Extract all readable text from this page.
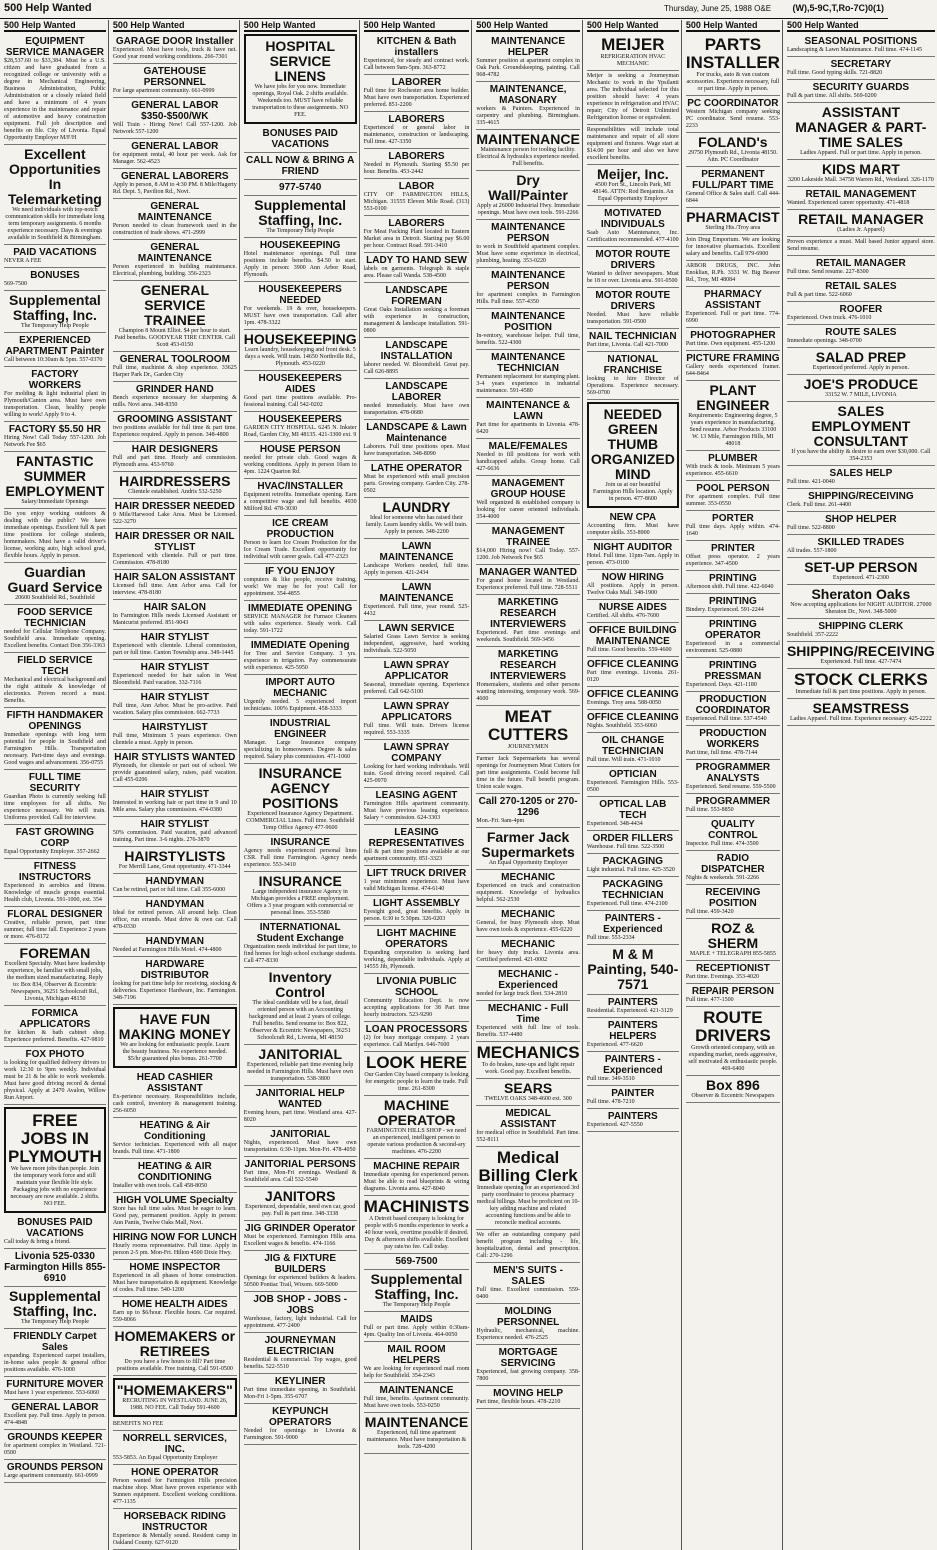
500 Help Wanted	Thursday, June 25, 1988 O&E (W),5-9C,T,Ro-7C)0(1)
500 Help Wanted
EQUIPMENT SERVICE MANAGER
$28,537.60 to $33,384. Must be a U.S. citizen and have graduated from a recognized college or university with a degree in Mechanical Engineering, Business Administration, Public Administration or a closely related field and have a minimum of 4 years experience in the maintenance and repair of automotive and heavy construction equipment. Full job description and benefits on file. City of Livonia. Equal Opportunity Employer M/F/H
Excellent Opportunities In Telemarketing
We need individuals with top-notch communication skills for immediate long term temporary assignments. 6 months experience necessary. Days & evenings available in Southfield & Birmingham.
PAID VACATIONS
NEVER A FEE
BONUSES
569-7500
Supplemental Staffing, Inc.
The Temporary Help People
EXPERIENCED APARTMENT Painter
Call between 10:30am & 5pm. 557-0370
FACTORY WORKERS
For molding & light industrial plant in Plymouth/Canton area. Must have own transportation. Clean, healthy people willing to work! Apply 9 to 4.
FACTORY $5.50 HR
Hiring Now! Call Today 557-1200. Job Network Fee $65
FANTASTIC SUMMER EMPLOYMENT
Salary/Immediate Openings
Do you enjoy working outdoors & dealing with the public? We have immediate openings. Excellent full & part time positions for college students, homemakers. Must have a valid driver's license, working auto, high school grad, flexible hours. Apply in person.
Guardian Guard Service
20600 Southfield Rd., Southfield
FOOD SERVICE TECHNICIAN
needed for Cellular Telephone Company. Southfield area. Immediate opening. Excellent benefits. Contact Don 356-3363
FIELD SERVICE TECH
Mechanical and electrical background and the right attitude & knowledge of electronics. Proven record a must. Benefits.
FIFTH HANDMAKER OPENINGS
Immediate openings with long term potential for people in Southfield and Farmington Hills. Transportation necessary. Part-time days and evenings. Good wages and advancement. 356-0755
FULL TIME SECURITY
Guardian Photo is currently seeking full time employees for all shifts. No experience necessary. We will train. Uniforms provided. Call for interview.
FAST GROWING CORP
Equal Opportunity Employer. 357-2662
FITNESS INSTRUCTORS
Experienced in aerobics and fitness. Knowledge of muscle groups essential. Health club, Livonia. 591-1000, ext. 354
FLORAL DESIGNER
Creative, reliable person, part time summer, full time fall. Experience 2 years or more. 476-8172
FOREMAN
Excellent Specialty. Must have leadership experience, be familiar with small jobs, the medium sized manufacturing. Reply to: Box 834, Observer & Eccentric Newspapers, 36251 Schoolcraft Rd., Livonia, Michigan 48150
FORMICA APPLICATORS
for kitchen & bath cabinet shop. Experience preferred. Benefits. 427-9810
FOX PHOTO
is looking for qualified delivery drivers to work 12:30 to 9pm weekly. Individual must be 21 & be able to work weekends. Must have good driving record & dental physical. Apply at 2470 Avalon, Willow Run Airport.
FREE JOBS IN PLYMOUTH
We have more jobs than people. Join the temporary work force and still maintain your flexible life style. Packaging jobs with no experience necessary are now available. 2 shifts. NO FEE.
BONUSES PAID VACATIONS
Call today & bring a friend.
Livonia 525-0330 Farmington Hills 855-6910
Supplemental Staffing, Inc.
The Temporary Help People
FRIENDLY Carpet Sales
expanding. Experienced carpet installers, in-home sales people & general office positions available. 476-1000
FURNITURE MOVER
Must have 1 year experience. 553-6060
GENERAL LABOR
Excellent pay. Full time. Apply in person. 474-4848
GROUNDS KEEPER
for apartment complex in Westland. 721-0500
GROUNDS PERSON
Large apartment community. 661-0999
500 Help Wanted
GARAGE DOOR Installer
Experienced. Must have tools, truck & have net. Good year round working conditions. 266-7301
GATEHOUSE PERSONNEL
For large apartment community. 661-0999
GENERAL LABOR $350-$500/WK
Will Train - Hiring Now! Call 557-1200. Job Network 557-1200
GENERAL LABOR
for equipment rental, 40 hour per week. Ask for Manager. 562-4523
GENERAL LABORERS
Apply in person, 8 AM to 4:30 PM. 8 Mile/Hagerty Rd. Dept. 5, Pavilion Rd., Novi.
GENERAL MAINTENANCE
Person needed to clean framework used in the construction of trade shows. 471-2999
GENERAL MAINTENANCE
Person experienced in building maintenance. Electrical, plumbing, building. 356-2323
GENERAL SERVICE TRAINEE
Champion 8 Mount Elliot. $4 per hour to start. Paid benefits. GOODYEAR TIRE CENTER. Call Scott 453-0150
GENERAL TOOLROOM
Full time, machinist & shop experience. 33625 Harper Park Dr., Garden City
GRINDER HAND
Bench experience necessary for sharpening & mills. Novi area. 348-8350
GROOMING ASSISTANT
two positions available for full time & part time. Experience required. Apply in person. 348-4800
HAIR DESIGNERS
Full and part time. Hourly and commission. Plymouth area. 453-9760
HAIRDRESSERS
Clientele established. Andris 532-5250
HAIR DRESSER NEEDED
9 Mile/Harwood Lake Area. Must be Licensed. 522-3270
HAIR DRESSER OR NAIL STYLIST
Experienced with clientele. Full or part time. Commission. 478-8180
HAIR SALON ASSISTANT
Licensed full time. Ann Arbor area. Call for interview. 478-8180
HAIR SALON
In Farmington Hills needs Licensed Assistant or Manicurist preferred. 851-9043
HAIR STYLIST
Experienced with clientele. Liberal commission, part or full time. Canton Township area. 349-1445
HAIR STYLIST
Experienced needed for hair salon in West Bloomfield. Paid vacation. 332-7116
HAIR STYLIST
Full time, Ann Arbor. Must be pro-active. Paid vacation. Salary plus commission. 662-7733
HAIRSTYLIST
Full time, Minimum 5 years experience. Own clientele a must. Apply in person.
HAIR STYLISTS WANTED
Plymouth, for clientele or part out of school. We provide guaranteed salary, raises, paid vacation. Call 455-0206
HAIR STYLIST
Interested in working hair or part time in 9 and 10 Mile area. Salary plus commission. 474-0380
HAIR STYLIST
50% commission. Paid vacation, paid advanced training. Part time. 3-6 nights. 276-3870
HAIRSTYLISTS
For Merrill Lane, Great opportunity. 471-3344
HANDYMAN
Can be retired, part or full time. Call 355-6000
HANDYMAN
Ideal for retired person. All around help. Clean office, run errands. Must drive & own car. Call 478-0330
HANDYMAN
Needed at Farmington Hills Motel. 474-4800
HARDWARE DISTRIBUTOR
looking for part time help for receiving, stocking & deliveries. Experience Hardware, Inc. Farmington. 348-7196
HAVE FUN MAKING MONEY
We are looking for enthusiastic people. Learn the beauty business. No experience needed. $5/hr guaranteed plus bonus. 261-7700
HEAD CASHIER ASSISTANT
Ex-perience necessary. Responsibilities include, cash control, inventory & management training. 256-6050
HEATING & Air Conditioning
Service technician. Experienced with all major brands. Full time. 471-1800
HEATING & AIR CONDITIONING
Installer with own tools. Call 458-8050
HIGH VOLUME Specialty
Store has full time sales. Must be eager to learn. Good pay, permanent position. Apply in person: Ann Pantis, Twelve Oaks Mall, Novi.
HIRING NOW FOR LUNCH
Hourly rooms representative. Full time. Apply in person 2-5 pm. Mon-Fri. Hilton 4500 Dixie Hwy.
HOME INSPECTOR
Experienced in all phases of home construction. Must have transportation & equipment. Knowledge of codes. Full time. 540-1200
HOME HEALTH AIDES
Earn up to $6/hour. Flexible hours. Car required. 559-8066
HOMEMAKERS or RETIREES
Do you have a few hours to fill? Part time positions available. Free training. Call 591-0500
"HOMEMAKERS"
RECRUITING IN WESTLAND. JUNE 26, 1988. NO FEE. Call Today 591-4600
BENEFITS NO FEE
NORRELL SERVICES, INC.
553-5853. An Equal Opportunity Employer
HONE OPERATOR
Person wanted for Farmington Hills precision machine shop. Must have proven experience with Sunnen equipment. Excellent working conditions. 477-1135
HORSEBACK RIDING INSTRUCTOR
Experience & Mentally sound. Resident camp in Oakland County. 627-9120
500 Help Wanted
HOSPITAL SERVICE LINENS
We have jobs for you now. Immediate openings, Royal Oak. 2 shifts available. Weekends too. MUST have reliable transportation to these assignments. NO FEE.
BONUSES PAID VACATIONS
CALL NOW & BRING A FRIEND
977-5740
Supplemental Staffing, Inc.
The Temporary Help People
HOUSEKEEPING
Hotel maintenance openings. Full time positions include benefits. $4.50 to start. Apply in person: 3900 Ann Arbor Road, Plymouth.
HOUSEKEEPERS NEEDED
For weekends. 19 & over, housekeepers. MUST have own transportation. Call after 1pm. 478-3322
HOUSEKEEPING
Learn laundry, housekeeping and front desk. 5 days a week. Will train. 14650 Northville Rd., Plymouth. 453-0220
HOUSEKEEPERS AIDES
Good part time positions available. Pro-fessional training. Call 542-0202
HOUSEKEEPERS
GARDEN CITY HOSPITAL. 6245 N. Inkster Road, Garden City, MI 48135. 421-3300 ext. 9
HOUSE PERSON
needed for private club. Good wages & working conditions. Apply in person 10am to 4pm. 1224 Quarton Rd.
HVAC/INSTALLER
Equipment retrofits. Immediate opening. Earn a competitive wage and full benefits. 4930 Milford Rd. 478-3030
ICE CREAM PRODUCTION
Person to learn Ice Cream Production for the Ice Cream Trade. Excellent opportunity for individual with career goals. Call 477-2323
IF YOU ENJOY
computers & like people, receive training, work! We may be for you! Call for appointment. 354-4855
IMMEDIATE OPENING
SERVICE MANAGER for Furnace Cleaners with sales experience. Steady work. Call today. 591-1722
IMMEDIATE Opening
for Tree and Service Company. 3 yrs. experience in irrigation. Pay commensurate with experience. 425-5950
IMPORT AUTO MECHANIC
Urgently needed. 5 experienced import technicians. 100% Equipment. 458-3333
INDUSTRIAL ENGINEER
Manager. Large Insurance company specializing in homeowners. Degree & sales required. Salary plus commission. 471-1060
INSURANCE AGENCY POSITIONS
Experienced Insurance Agency Department. COMMERCIAL Lines. Full time. Southfield Temp Office Agency 477-9600
INSURANCE
Agency needs experienced personal lines CSR. Full time Farmington. Agency needs experience. 553-3410
INSURANCE
Large independent insurance Agency in Michigan provides a FREE employment. Offers a 3 year program with commercial or personal lines. 353-5580
INTERNATIONAL Student Exchange
Organization needs individual for part time, to find homes for high school exchange students. Call 477-8330
Inventory Control
The ideal candidate will be a fast, detail oriented person with an Accounting background and at least 2 years of college. Full benefits. Send resume to: Box 822, Observer & Eccentric Newspapers, 36251 Schoolcraft Rd., Livonia, MI 48150
JANITORIAL
Experienced, reliable part time evening help needed in Farmington Hills. Must have own transportation. 538-3800
JANITORIAL HELP WANTED
Evening hours, part time. Westland area. 427-8020
JANITORIAL
Nights, experienced. Must have own transportation. 6:30-11pm. Mon-Fri. 478-4050
JANITORIAL PERSONS
Part time, Mon-Fri evenings. Westland & Southfield area. Call 532-5540
JANITORS
Experienced, dependable, need own car, good pay. Full & part time. 348-3338
JIG GRINDER Operator
Must be experienced. Farmington Hills area. Excellent wages & benefits. 474-1166
JIG & FIXTURE BUILDERS
Openings for experienced builders & leaders. 50500 Pontiac Trail, Wixom. 669-5000
JOB SHOP - JOBS - JOBS
Warehouse, factory, light industrial. Call for appointment. 477-2400
JOURNEYMAN ELECTRICIAN
Residential & commercial. Top wages, good benefits. 522-5510
KEYLINER
Part time immediate opening, in Southfield. Mon-Fri 1-5pm. 355-6707
KEYPUNCH OPERATORS
Needed for openings in Livonia & Farmington. 591-9000
500 Help Wanted
KITCHEN & Bath installers
Experienced, for steady and contract work. Call between 9am-5pm. 363-8772
LABORER
Full time for Rochester area home builder. Must have own transportation. Experienced preferred. 851-2200
LABORERS
Experienced or general labor in maintenance, construction or landscaping. Full time. 427-3350
LABORERS
Needed in Plymouth. Starting $5.50 per hour. Benefits. 453-2442
LABOR
CITY OF FARMINGTON HILLS, Michigan. 31555 Eleven Mile Road. (313) 553-0100
LABORERS
For Meat Packing Plant located in Eastern Market area in Detroit. Starting pay $6.00 per hour. Contract Road. 591-3410
LADY TO HAND SEW
labels on garments. Telegraph & staple area. Please call Wanda. 538-4500
LANDSCAPE FOREMAN
Great Oaks Installation seeking a foreman with experience in construction, management & landscape installation. 591-0800
LANDSCAPE INSTALLATION
laborer needed. W. Bloomfield. Great pay. Call 626-8895
LANDSCAPE LABORER
needed immediately. Must have own transportation. 478-0680
LANDSCAPE & Lawn Maintenance
Laborers. Full time positions open. Must have transportation. 348-8090
LATHE OPERATOR
Must be experienced with small precision parts. Growing company. Garden City. 278-0502
LAUNDRY
Ideal for someone who has raised their family. Learn laundry skills. We will train. Apply in person. 348-2200
LAWN MAINTENANCE
Landscape Workers needed, full time. Apply in person. 421-2434
LAWN MAINTENANCE
Experienced. Full time, year round. 525-4432
LAWN SERVICE
Salaried Grass Lawn Service is seeking independent, aggressive, hard working individuals. 522-5050
LAWN SPRAY APPLICATOR
Seasonal, immediate opening. Experience preferred. Call 642-5100
LAWN SPRAY APPLICATORS
Full time. Will train. Drivers license required. 553-3335
LAWN SPRAY COMPANY
Looking for hard working individuals. Will train. Good driving record required. Call 425-0970
LEASING AGENT
Farmington Hills apartment community. Must have previous leasing experience. Salary + commission. 624-3303
LEASING REPRESENTATIVES
full & part time positions available at our apartment community. 851-3323
LIFT TRUCK DRIVER
1 year minimum experience. Must have valid Michigan license. 474-6140
LIGHT ASSEMBLY
Eyesight good, great benefits. Apply in person. 6:30 to 5:30pm. 326-0203
LIGHT MACHINE OPERATORS
Expanding corporation is seeking hard working, dependable individuals. Apply at 14555 Jib, Plymouth.
LIVONIA PUBLIC SCHOOL
Community Education Dept. is now accepting applications for 38 Part time hourly instructors. 523-9290
LOAN PROCESSORS
(2) for busy mortgage company. 2 years experience. Call Marilyn. 646-7600
LOOK HERE
Our Garden City based company is looking for energetic people to learn the trade. Full time. 261-8300
MACHINE OPERATOR
FARMINGTON HILLS SHOP - we need an experienced, intelligent person to operate various production & second-ary machines. 476-2200
MACHINE REPAIR
Immediate opening for experienced person. Must be able to read blueprints & wiring diagrams. Livonia area. 427-8040
MACHINISTS
A Detroit based company is looking for people with 6 months experience to work a 40 hour week, overtime possible if desired. Day & afternoon shifts available. Excellent pay rate/no fee. Call today.
569-7500
Supplemental Staffing, Inc.
The Temporary Help People
MAIDS
Full or part time. Apply within 6:30am-4pm. Quality Inn of Livonia. 464-0050
MAIL ROOM HELPERS
We are looking for experienced mail room help for Southfield. 354-2343
MAINTENANCE
Full time, benefits. Apartment community. Must have own tools. 553-0250
MAINTENANCE
Experienced, full time apartment maintenance. Must have transportation & tools. 728-4200
500 Help Wanted
MAINTENANCE HELPER
Summer position at apartment complex in Oak Park. Groundskeeping, painting. Call 968-4782
MAINTENANCE, MASONARY
workers & Painters. Experienced in carpentry and plumbing. Birmingham. 335-4615
MAINTENANCE
Maintenance person for tooling facility. Electrical & hydraulics experience needed. Full benefits.
Dry Wall/Painter
Apply at 26000 Industrial Hwy. Immediate openings. Must have own tools. 591-2266
MAINTENANCE PERSON
to work in Southfield apartment complex. Must have some experience in electrical, plumbing, heating. 353-0220
MAINTENANCE PERSON
for apartment complex in Farmington Hills. Full time. 557-4350
MAINTENANCE POSITION
In-ventory, warehouse helper. Full time, benefits. 522-4300
MAINTENANCE TECHNICIAN
Permanent replacement for stamping plant. 3-4 years experience in industrial maintenance. 591-4580
MAINTENANCE & LAWN
Part time for apartments in Livonia. 478-6420
MALE/FEMALES
Needed to fill positions for work with handicapped adults. Group home. Call 427-6636
MANAGEMENT GROUP HOUSE
Well organized & established company is looking for career oriented individuals. 354-4000
MANAGEMENT TRAINEE
$14,000 Hiring now! Call Today. 557-1200. Job Network Fee $65
MANAGER WANTED
For grand home located in Westland. Experience preferred. Full time. 728-5511
MARKETING RESEARCH INTERVIEWERS
Experienced. Part time evenings and weekends. Southfield. 569-3456
MARKETING RESEARCH INTERVIEWERS
Homemakers, students and other persons wanting interesting, temporary work. 569-4600
MEAT CUTTERS
JOURNEYMEN
Farmer Jack Supermarkets has several openings for Journeymen Meat Cutters for part time assignments. Could become full time in the future. Full benefit program. Union scale wages.
Call 270-1205 or 270-1296
Mon.-Fri. 9am-4pm
Farmer Jack Supermarkets
An Equal Opportunity Employer
MECHANIC
Experienced on truck and construction equipment. Knowledge of hydraulics helpful. 562-2530
MECHANIC
General, for busy Plymouth shop. Must have own tools & experience. 455-0220
MECHANIC
for heavy duty trucks. Livonia area. Certified preferred. 421-0002
MECHANIC - Experienced
needed for large truck fleet. 534-2810
MECHANIC - Full Time
Experienced with full line of tools. Benefits. 537-4480
MECHANICS
To do brakes, tune-ups and light repair work. Good pay. Excellent benefits.
SEARS
TWELVE OAKS 348-4600 ext. 300
MEDICAL ASSISTANT
for medical office in Southfield. Part time. 552-8111
Medical Billing Clerk
Immediate opening for an experienced 3rd party coordinator to process pharmacy medical billings. Must be proficient on 10-key adding machine and related accounting functions and be able to reconcile medical accounts.
We offer an outstanding company paid benefit program including - life, hospitalization, dental and prescription. Call: 270-1296
MEN'S SUITS - SALES
Full time. Excellent commission. 559-0400
MOLDING PERSONNEL
Hydraulic, mechanical, machine. Experience needed. 476-2525
MORTGAGE SERVICING
Experienced, fast growing company. 358-7800
MOVING HELP
Part time, flexible hours. 478-2210
500 Help Wanted
MEIJER
REFRIGERATION HVAC MECHANIC
Meijer is seeking a Journeyman Mechanic to work in the Ypsilanti area. The individual selected for this position should have: 4 years experience in refrigeration and HVAC repair; City of Detroit Unlimited Refrigeration license or equivalent.
Responsibilities will include total maintenance and repair of all store equipment and fixtures. Wage start at $14.00 per hour and also we have excellent benefits.
Meijer, Inc.
4500 Fort St., Lincoln Park, MI 48146. ATTN: Rod Benjamin. An Equal Opportunity Employer
MOTIVATED INDIVIDUALS
Saab Auto Maintenance, Inc. Certification recommended. 477-4100
MOTOR ROUTE DRIVERS
Wanted to deliver newspapers. Must be 18 or over. Livonia area. 591-0500
MOTOR ROUTE DRIVERS
Needed. Must have reliable transportation. 591-0500
NAIL TECHNICIAN
Part time, Livonia. Call 421-7000
NATIONAL FRANCHISE
looking to hire Director of Operations. Experience necessary. 569-0700
NEEDED GREEN THUMB ORGANIZED MIND
Join us at our beautiful Farmington Hills location. Apply in person. 477-8600
NEW CPA
Accounting firm. Must have computer skills. 353-8900
NIGHT AUDITOR
Hotel. Full time. 11pm-7am. Apply in person. 473-0100
NOW HIRING
All positions. Apply in person. Twelve Oaks Mall. 348-1900
NURSE AIDES
Certified. All shifts. 476-7600
OFFICE BUILDING MAINTENANCE
Full time. Good benefits. 559-4600
OFFICE CLEANING
Part time evenings. Livonia. 261-0120
OFFICE CLEANING
Evenings. Troy area. 588-0050
OFFICE CLEANING
Nights. Southfield. 353-6060
OIL CHANGE TECHNICIAN
Full time. Will train. 471-1010
OPTICIAN
Experienced. Farmington Hills. 553-0500
OPTICAL LAB TECH
Experienced. 348-4434
ORDER FILLERS
Warehouse. Full time. 522-3500
PACKAGING
Light industrial. Full time. 425-3520
PACKAGING TECHNICIAN
Experienced. Full time. 474-2100
PAINTERS - Experienced
Full time. 553-2334
M & M Painting, 540-7571
PAINTERS
Residential. Experienced. 421-3129
PAINTERS HELPERS
Experienced. 477-6620
PAINTERS - Experienced
Full time. 349-3510
PAINTER
Full time. 478-7210
PAINTERS
Experienced. 427-5550
500 Help Wanted
PARTS INSTALLER
For trucks, auto & van custom accessories. Experience necessary, full or part time. Apply in person.
PC COORDINATOR
Western Michigan company seeking PC coordinator. Send resume. 553-2233
FOLAND's
29750 Plymouth Rd., Livonia 48150. Attn. PC Coordinator
PERMANENT FULL/PART TIME
General Office & Sales staff. Call 444-6844
PHARMACIST
Sterling Hts./Troy area
Join Drug Emporium. We are looking for innovative pharmacists. Excellent salary and benefits. Call 979-6900
ARBOR DRUGS, INC. John Enoklian, R.Ph. 3331 W. Big Beaver Rd., Troy, MI 48084
PHARMACY ASSISTANT
Experienced. Full or part time. 774-6990
PHOTOGRAPHER
Part time. Own equipment. 455-1200
PICTURE FRAMING
Gallery needs experienced framer. 644-8464
PLANT ENGINEER
Requirements: Engineering degree, 5 years experience in manufacturing. Send resume. Arbor Products 33100 W. 13 Mile, Farmington Hills, MI 48018
PLUMBER
With truck & tools. Minimum 5 years experience. 455-6610
POOL PERSON
For apartment complex. Full time summer. 353-0550
PORTER
Full time days. Apply within. 474-1640
PRINTER
Offset press operator. 2 years experience. 347-4500
PRINTING
Afternoon shift. Full time. 422-6040
PRINTING
Bindery. Experienced. 591-2244
PRINTING OPERATOR
Experienced in a commercial environment. 525-0880
PRINTING PRESSMAN
Experienced. Days. 421-1180
PRODUCTION COORDINATOR
Experienced. Full time. 537-4540
PRODUCTION WORKERS
Part time, full time. 478-7144
PROGRAMMER ANALYSTS
Experienced. Send resume. 559-5500
PROGRAMMER
Full time. 553-8850
QUALITY CONTROL
Inspector. Full time. 474-3500
RADIO DISPATCHER
Nights & weekends. 591-2266
RECEIVING POSITION
Full time. 459-3420
ROZ & SHERM
MAPLE + TELEGRAPH 855-5855
RECEPTIONIST
Part time. Evenings. 353-4020
REPAIR PERSON
Full time. 477-1500
ROUTE DRIVERS
Growth oriented company, with an expanding market, needs aggressive, self motivated & enthusiastic people. 469-6400
Box 896
Observer & Eccentric Newspapers
500 Help Wanted
SEASONAL POSITIONS
Landscaping & Lawn Maintenance. Full time. 474-1145
SECRETARY
Full time. Good typing skills. 721-8820
SECURITY GUARDS
Full & part time. All shifts. 569-0200
ASSISTANT MANAGER & PART-TIME SALES
Ladies Apparel. Full or part time. Apply in person.
KIDS MART
3200 Lakeside Mall. 34758 Warren Rd., Westland. 326-1170
RETAIL MANAGEMENT
Wanted. Experienced career opportunity. 471-4818
RETAIL MANAGER
(Ladies Jr. Apparel)
Proven experience a must. Mall based Junior apparel store. Send resume.
RETAIL MANAGER
Full time. Send resume. 227-8300
RETAIL SALES
Full & part time. 522-6060
ROOFER
Experienced. Own truck. 476-1010
ROUTE SALES
Immediate openings. 348-0700
SALAD PREP
Experienced preferred. Apply in person.
JOE'S PRODUCE
33152 W. 7 MILE, LIVONIA
SALES EMPLOYMENT CONSULTANT
If you have the ability & desire to earn over $30,000. Call 354-2353
SALES HELP
Full time. 421-0040
SHIPPING/RECEIVING
Clerk. Full time. 261-4400
SHOP HELPER
Full time. 522-8800
SKILLED TRADES
All trades. 557-1800
SET-UP PERSON
Experienced. 471-2300
Sheraton Oaks
Now accepting applications for NIGHT AUDITOR. 27000 Sheraton Dr., Novi. 348-5000
SHIPPING CLERK
Southfield. 357-2222
SHIPPING/RECEIVING
Experienced. Full time. 427-7474
STOCK CLERKS
Immediate full & part time positions. Apply in person.
SEAMSTRESS
Ladies Apparel. Full time. Experience necessary. 425-2222
